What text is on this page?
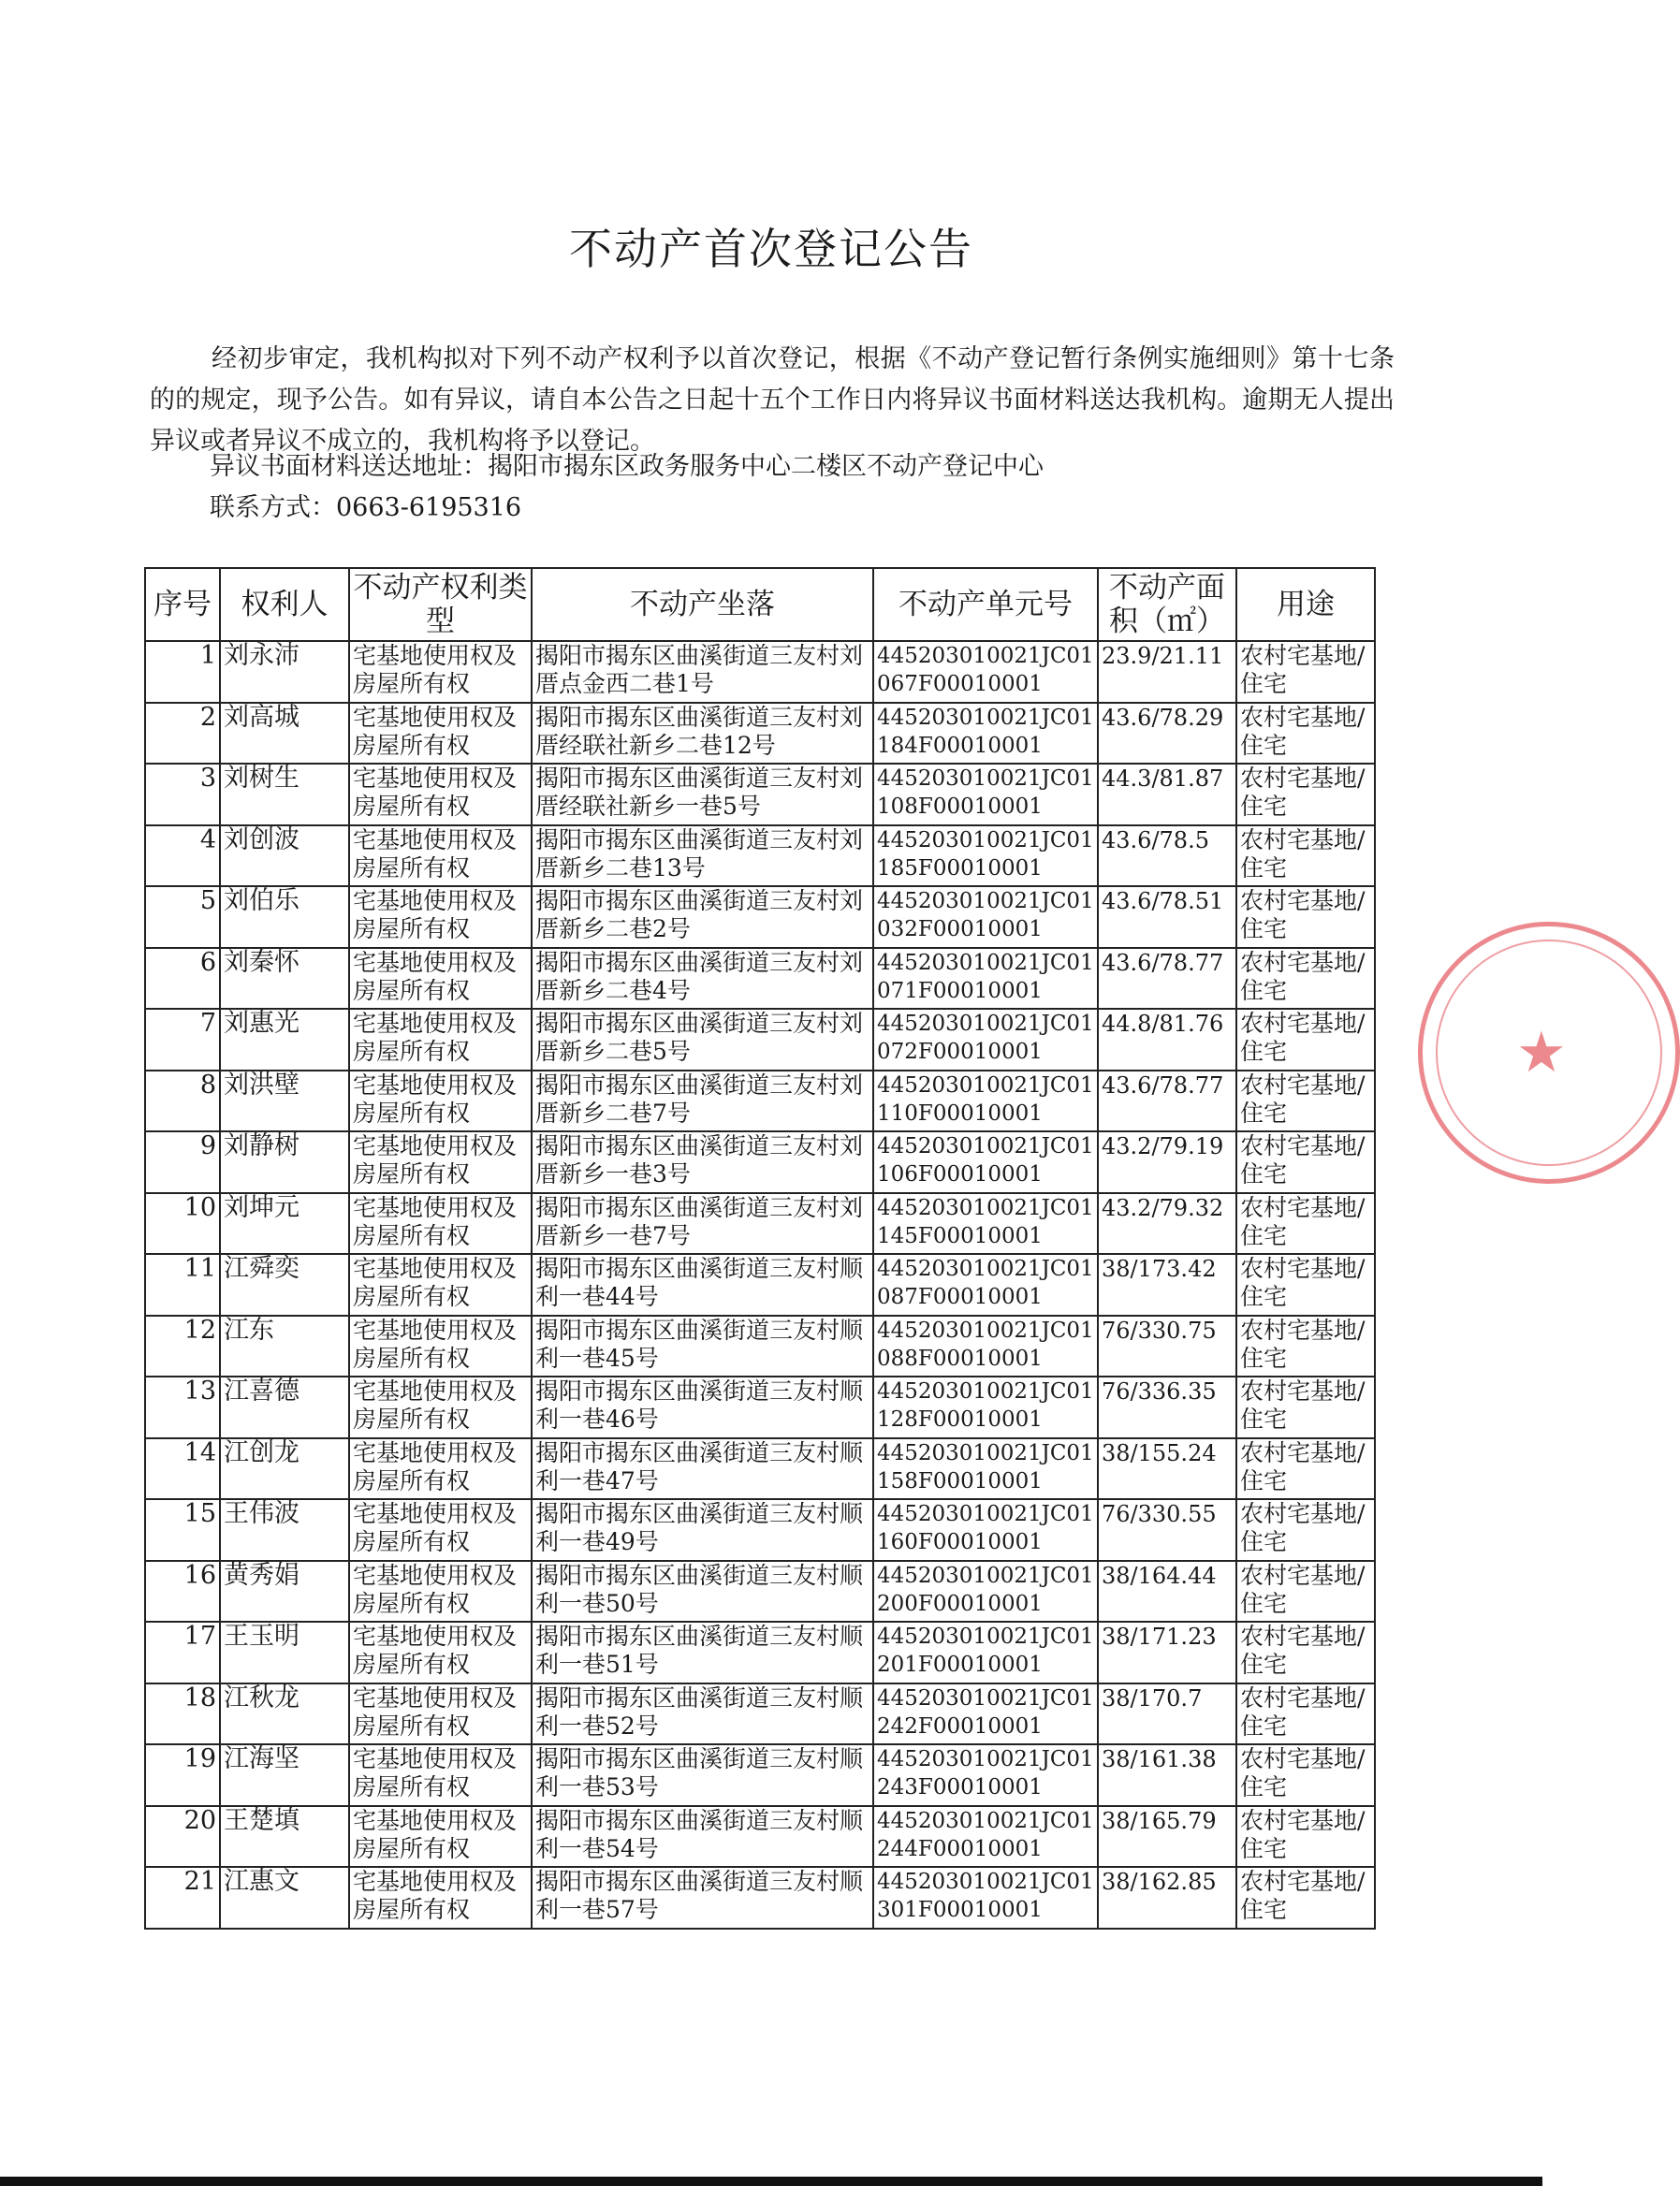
不动产首次登记公告
经初步审定，我机构拟对下列不动产权利予以首次登记，根据《不动产登记暂行条例实施细则》第十七条的的规定，现予公告。如有异议，请自本公告之日起十五个工作日内将异议书面材料送达我机构。逾期无人提出异议或者异议不成立的，我机构将予以登记。
异议书面材料送达地址：揭阳市揭东区政务服务中心二楼区不动产登记中心
联系方式：0663-6195316
序号	权利人	不动产权利类型	不动产坐落	不动产单元号	不动产面积（㎡）	用途
1	刘永沛	宅基地使用权及房屋所有权	揭阳市揭东区曲溪街道三友村刘厝点金西二巷1号	445203010021JC01067F00010001	23.9/21.11	农村宅基地/住宅
2	刘高城	宅基地使用权及房屋所有权	揭阳市揭东区曲溪街道三友村刘厝经联社新乡二巷12号	445203010021JC01184F00010001	43.6/78.29	农村宅基地/住宅
3	刘树生	宅基地使用权及房屋所有权	揭阳市揭东区曲溪街道三友村刘厝经联社新乡一巷5号	445203010021JC01108F00010001	44.3/81.87	农村宅基地/住宅
4	刘创波	宅基地使用权及房屋所有权	揭阳市揭东区曲溪街道三友村刘厝新乡二巷13号	445203010021JC01185F00010001	43.6/78.5	农村宅基地/住宅
5	刘伯乐	宅基地使用权及房屋所有权	揭阳市揭东区曲溪街道三友村刘厝新乡二巷2号	445203010021JC01032F00010001	43.6/78.51	农村宅基地/住宅
6	刘秦怀	宅基地使用权及房屋所有权	揭阳市揭东区曲溪街道三友村刘厝新乡二巷4号	445203010021JC01071F00010001	43.6/78.77	农村宅基地/住宅
7	刘惠光	宅基地使用权及房屋所有权	揭阳市揭东区曲溪街道三友村刘厝新乡二巷5号	445203010021JC01072F00010001	44.8/81.76	农村宅基地/住宅
8	刘洪壁	宅基地使用权及房屋所有权	揭阳市揭东区曲溪街道三友村刘厝新乡二巷7号	445203010021JC01110F00010001	43.6/78.77	农村宅基地/住宅
9	刘静树	宅基地使用权及房屋所有权	揭阳市揭东区曲溪街道三友村刘厝新乡一巷3号	445203010021JC01106F00010001	43.2/79.19	农村宅基地/住宅
10	刘坤元	宅基地使用权及房屋所有权	揭阳市揭东区曲溪街道三友村刘厝新乡一巷7号	445203010021JC01145F00010001	43.2/79.32	农村宅基地/住宅
11	江舜奕	宅基地使用权及房屋所有权	揭阳市揭东区曲溪街道三友村顺利一巷44号	445203010021JC01087F00010001	38/173.42	农村宅基地/住宅
12	江东	宅基地使用权及房屋所有权	揭阳市揭东区曲溪街道三友村顺利一巷45号	445203010021JC01088F00010001	76/330.75	农村宅基地/住宅
13	江喜德	宅基地使用权及房屋所有权	揭阳市揭东区曲溪街道三友村顺利一巷46号	445203010021JC01128F00010001	76/336.35	农村宅基地/住宅
14	江创龙	宅基地使用权及房屋所有权	揭阳市揭东区曲溪街道三友村顺利一巷47号	445203010021JC01158F00010001	38/155.24	农村宅基地/住宅
15	王伟波	宅基地使用权及房屋所有权	揭阳市揭东区曲溪街道三友村顺利一巷49号	445203010021JC01160F00010001	76/330.55	农村宅基地/住宅
16	黄秀娟	宅基地使用权及房屋所有权	揭阳市揭东区曲溪街道三友村顺利一巷50号	445203010021JC01200F00010001	38/164.44	农村宅基地/住宅
17	王玉明	宅基地使用权及房屋所有权	揭阳市揭东区曲溪街道三友村顺利一巷51号	445203010021JC01201F00010001	38/171.23	农村宅基地/住宅
18	江秋龙	宅基地使用权及房屋所有权	揭阳市揭东区曲溪街道三友村顺利一巷52号	445203010021JC01242F00010001	38/170.7	农村宅基地/住宅
19	江海坚	宅基地使用权及房屋所有权	揭阳市揭东区曲溪街道三友村顺利一巷53号	445203010021JC01243F00010001	38/161.38	农村宅基地/住宅
20	王楚填	宅基地使用权及房屋所有权	揭阳市揭东区曲溪街道三友村顺利一巷54号	445203010021JC01244F00010001	38/165.79	农村宅基地/住宅
21	江惠文	宅基地使用权及房屋所有权	揭阳市揭东区曲溪街道三友村顺利一巷57号	445203010021JC01301F00010001	38/162.85	农村宅基地/住宅
★
